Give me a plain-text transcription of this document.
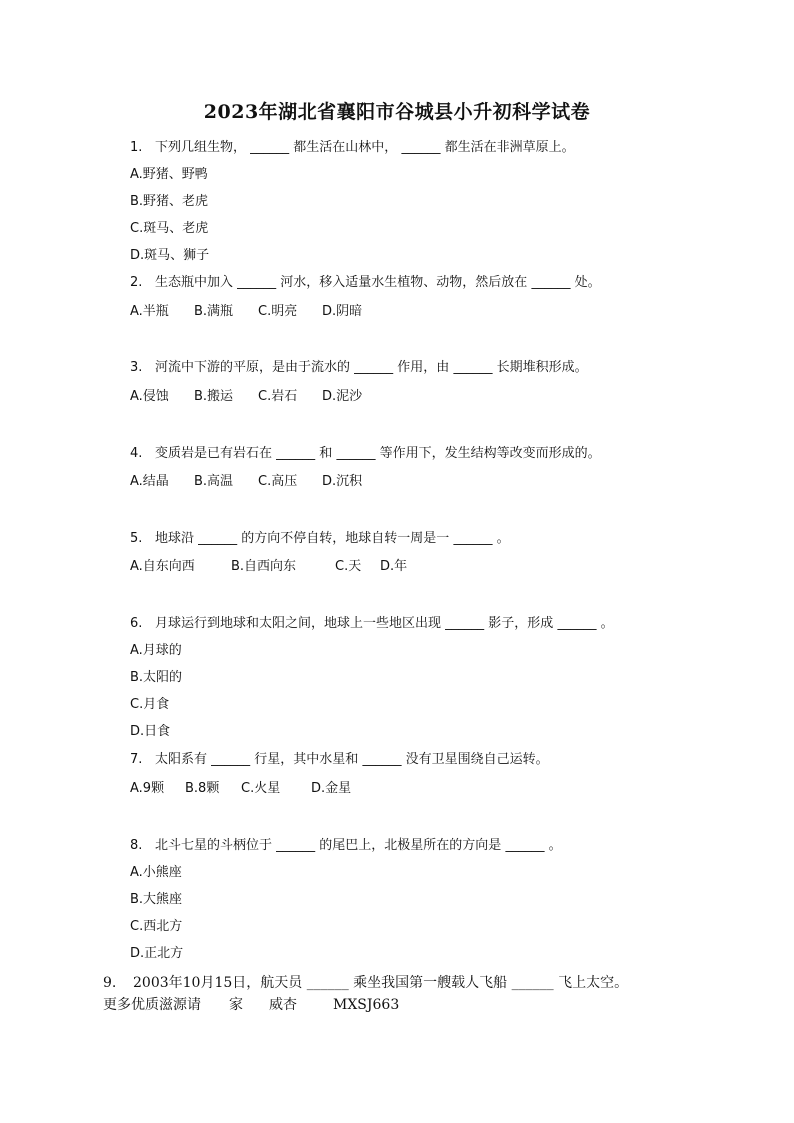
2023年湖北省襄阳市谷城县小升初科学试卷
1. 下列几组生物， ______ 都生活在山林中， ______ 都生活在非洲草原上。
A.野猪、野鸭
B.野猪、老虎
C.斑马、老虎
D.斑马、狮子
2. 生态瓶中加入 ______ 河水，移入适量水生植物、动物，然后放在 ______ 处。
A.半瓶 B.满瓶 C.明亮 D.阴暗
3. 河流中下游的平原，是由于流水的 ______ 作用，由 ______ 长期堆积形成。
A.侵蚀 B.搬运 C.岩石 D.泥沙
4. 变质岩是已有岩石在 ______ 和 ______ 等作用下，发生结构等改变而形成的。
A.结晶 B.高温 C.高压 D.沉积
5. 地球沿 ______ 的方向不停自转，地球自转一周是一 ______ 。
A.自东向西	B.自西向东	C.天 D.年
6. 月球运行到地球和太阳之间，地球上一些地区出现 ______ 影子，形成 ______ 。
A.月球的
B.太阳的
C.月食
D.日食
7. 太阳系有 ______ 行星，其中水星和 ______ 没有卫星围绕自己运转。
A.9颗 B.8颗 C.火星 D.金星
8. 北斗七星的斗柄位于 ______ 的尾巴上，北极星所在的方向是 ______ 。
A.小熊座
B.大熊座
C.西北方
D.正北方
9. 2003年10月15日，航天员 ______ 乘坐我国第一艘载人飞船 ______ 飞上太空。
更多优质滋源请 家 威杏	MXSJ663
